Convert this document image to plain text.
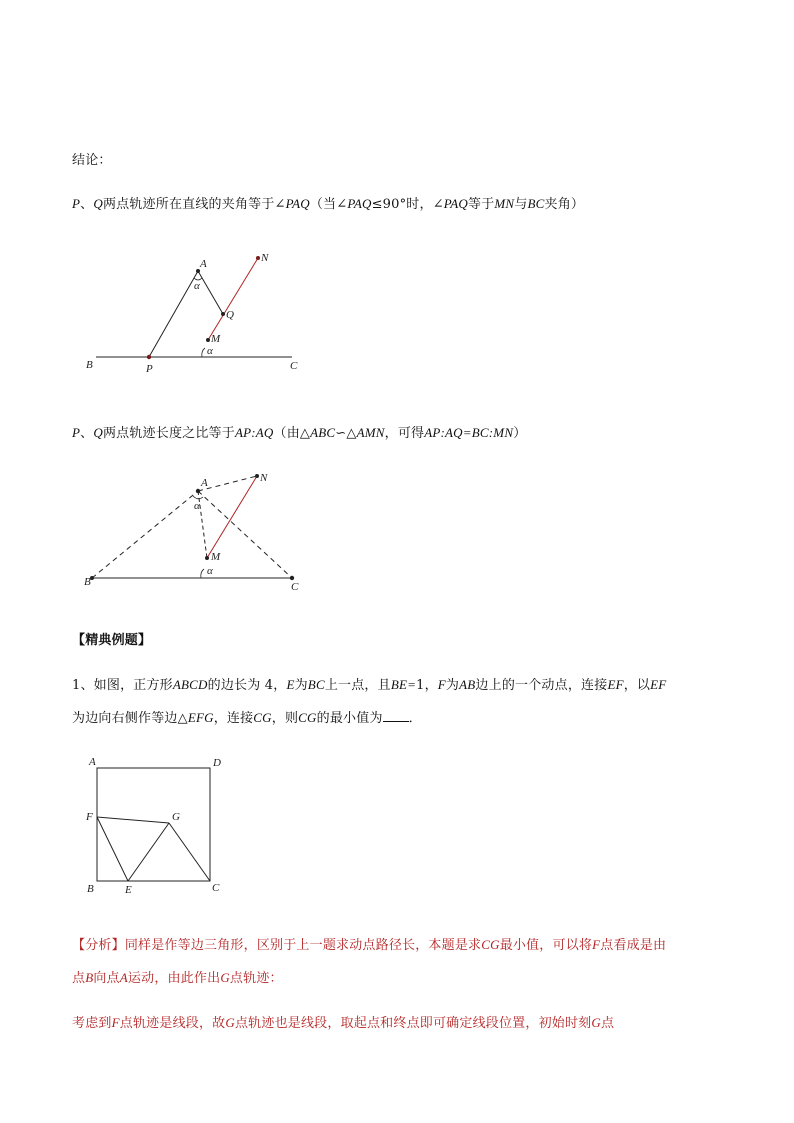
结论：
P、Q两点轨迹所在直线的夹角等于∠PAQ（当∠PAQ≤90°时，∠PAQ等于MN与BC夹角）
A	N
α
Q
M
α
B	P	C
P、Q两点轨迹长度之比等于AP:AQ（由△ABC∽△AMN，可得AP:AQ=BC:MN）
A	N
α
M
α
B	C
【精典例题】
1、如图，正方形ABCD的边长为 4，E为BC上一点，且BE=1，F为AB边上的一个动点，连接EF，以EF
为边向右侧作等边△EFG，连接CG，则CG的最小值为 ．
A	D
F	G
B	E	C
【分析】同样是作等边三角形，区别于上一题求动点路径长，本题是求CG最小值，可以将F点看成是由
点B向点A运动，由此作出G点轨迹：
考虑到F点轨迹是线段，故G点轨迹也是线段，取起点和终点即可确定线段位置，初始时刻G点
